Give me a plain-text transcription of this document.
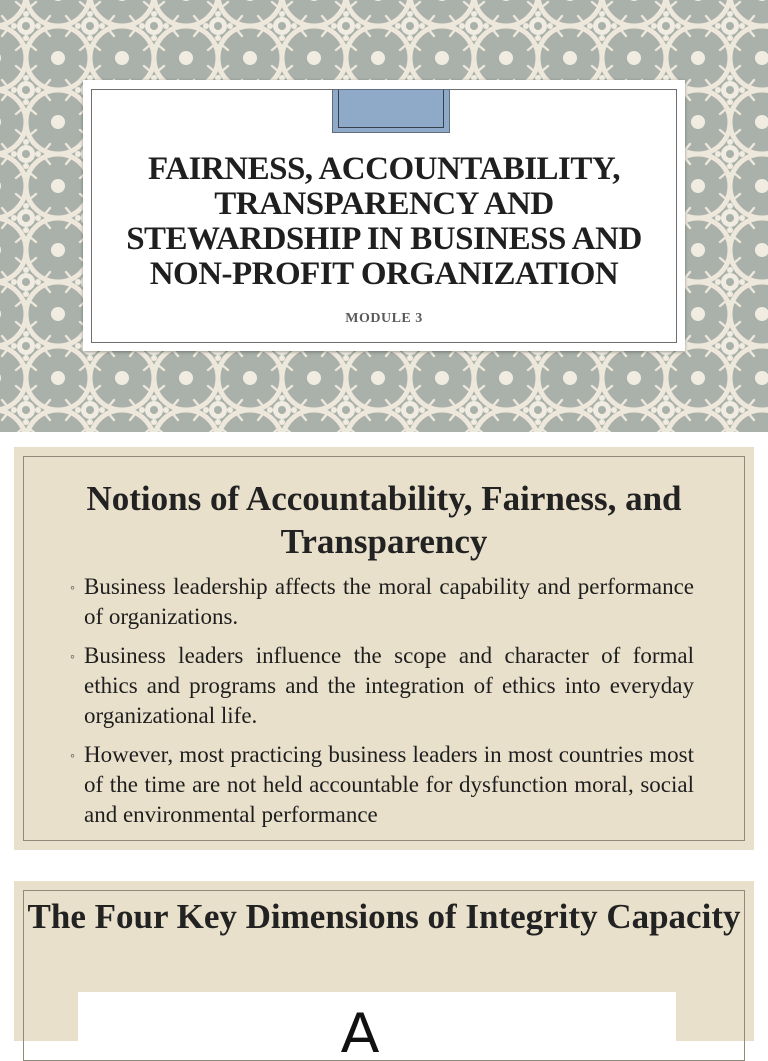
FAIRNESS, ACCOUNTABILITY, TRANSPARENCY AND STEWARDSHIP IN BUSINESS AND NON-PROFIT ORGANIZATION
MODULE 3
Notions of Accountability, Fairness, and Transparency
◦ Business leadership affects the moral capability and performance of organizations.
◦ Business leaders influence the scope and character of formal ethics and programs and the integration of ethics into everyday organizational life.
◦ However, most practicing business leaders in most countries most of the time are not held accountable for dysfunction moral, social and environmental performance
The Four Key Dimensions of Integrity Capacity
A
